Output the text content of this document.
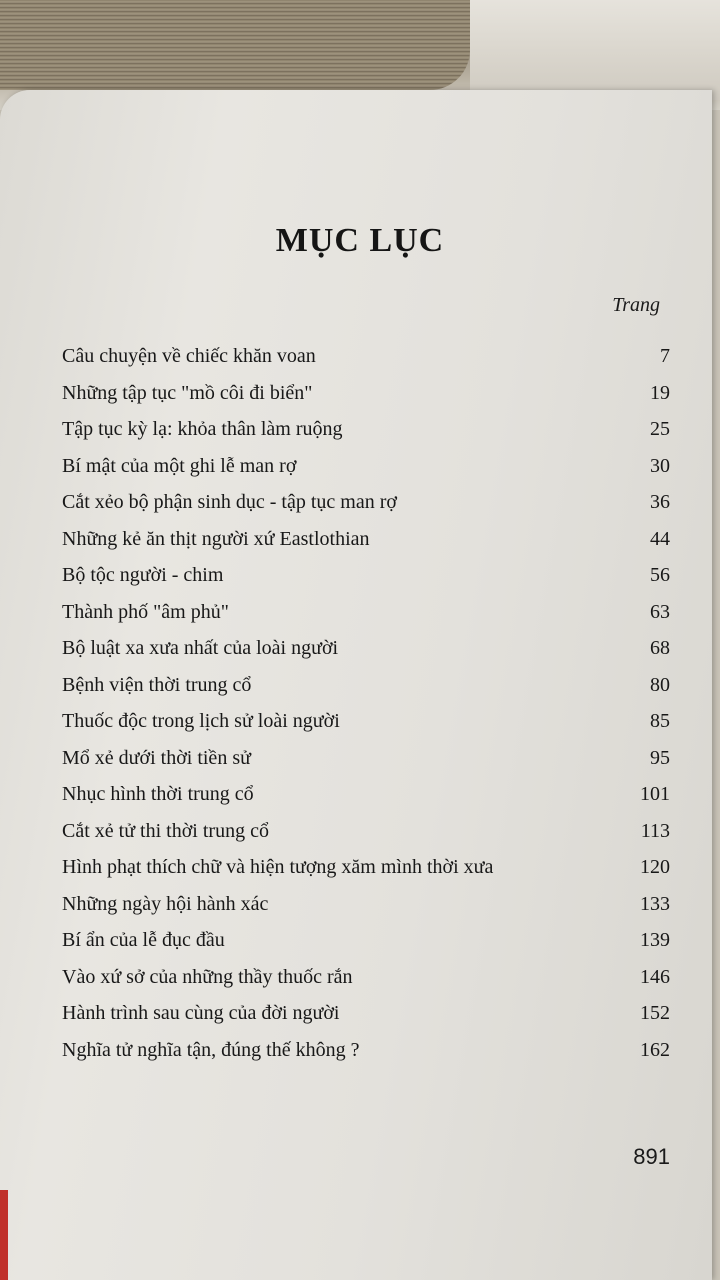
MỤC LỤC
Trang
Câu chuyện về chiếc khăn voan	7
Những tập tục "mồ côi đi biển"	19
Tập tục kỳ lạ: khỏa thân làm ruộng	25
Bí mật của một ghi lễ man rợ	30
Cắt xẻo bộ phận sinh dục - tập tục man rợ	36
Những kẻ ăn thịt người xứ Eastlothian	44
Bộ tộc người - chim	56
Thành phố "âm phủ"	63
Bộ luật xa xưa nhất của loài người	68
Bệnh viện thời trung cổ	80
Thuốc độc trong lịch sử loài người	85
Mổ xẻ dưới thời tiền sử	95
Nhục hình thời trung cổ	101
Cắt xẻ tử thi thời trung cổ	113
Hình phạt thích chữ và hiện tượng xăm mình thời xưa	120
Những ngày hội hành xác	133
Bí ẩn của lễ đục đầu	139
Vào xứ sở của những thầy thuốc rắn	146
Hành trình sau cùng của đời người	152
Nghĩa tử nghĩa tận, đúng thế không ?	162
891
